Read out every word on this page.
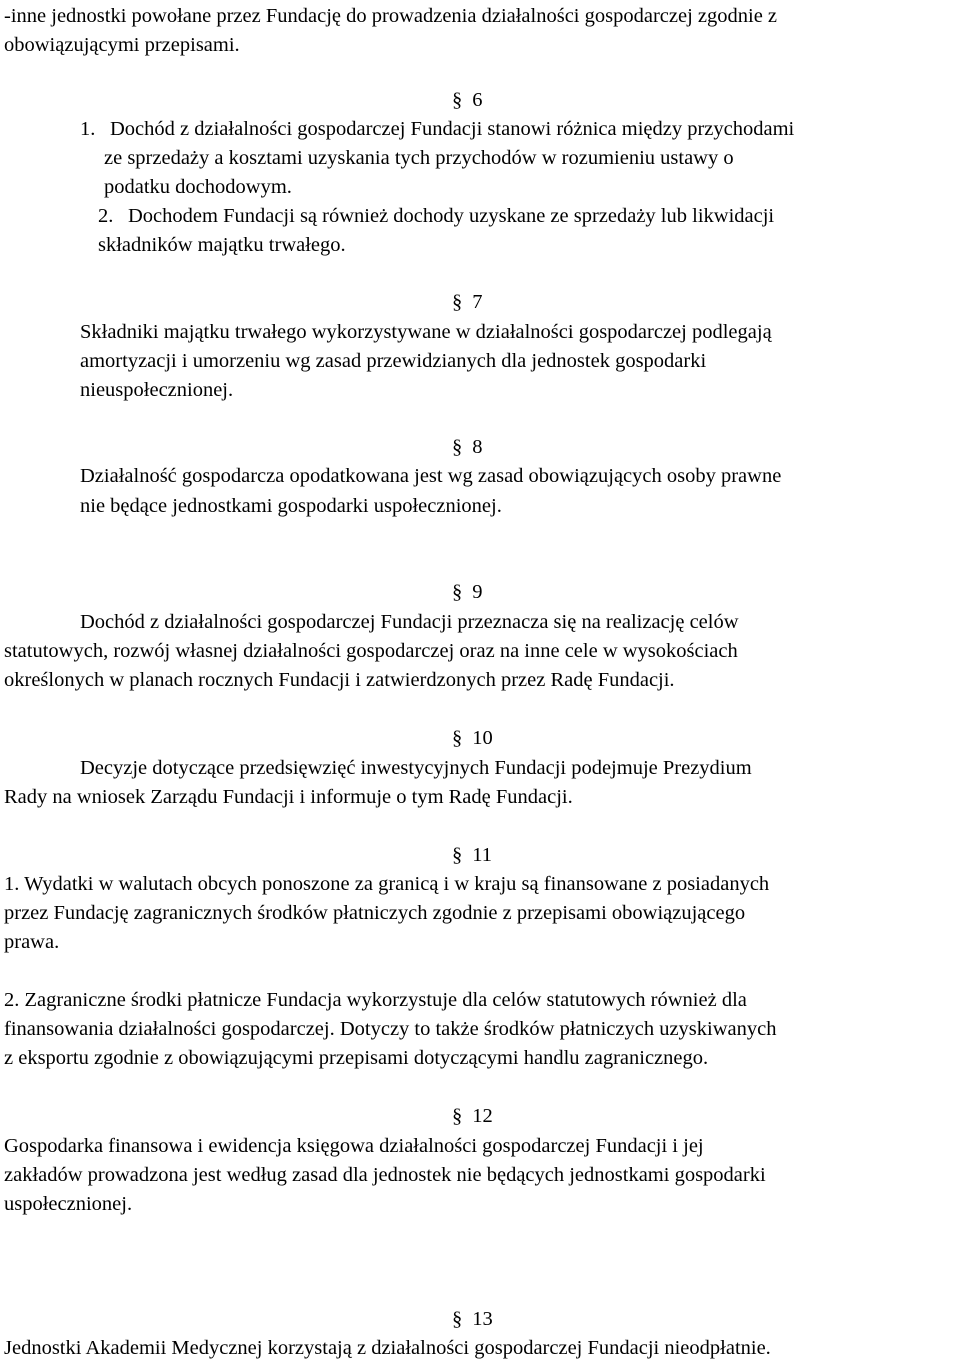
-inne jednostki powołane przez Fundację do prowadzenia działalności gospodarczej zgodnie z
obowiązującymi przepisami.
§ 6
1. Dochód z działalności gospodarczej Fundacji stanowi różnica między przychodami
ze sprzedaży a kosztami uzyskania tych przychodów w rozumieniu ustawy o
podatku dochodowym.
2. Dochodem Fundacji są również dochody uzyskane ze sprzedaży lub likwidacji
składników majątku trwałego.
§ 7
Składniki majątku trwałego wykorzystywane w działalności gospodarczej podlegają
amortyzacji i umorzeniu wg zasad przewidzianych dla jednostek gospodarki
nieuspołecznionej.
§ 8
Działalność gospodarcza opodatkowana jest wg zasad obowiązujących osoby prawne
nie będące jednostkami gospodarki uspołecznionej.
§ 9
Dochód z działalności gospodarczej Fundacji przeznacza się na realizację celów
statutowych, rozwój własnej działalności gospodarczej oraz na inne cele w wysokościach
określonych w planach rocznych Fundacji i zatwierdzonych przez Radę Fundacji.
§ 10
Decyzje dotyczące przedsięwzięć inwestycyjnych Fundacji podejmuje Prezydium
Rady na wniosek Zarządu Fundacji i informuje o tym Radę Fundacji.
§ 11
1. Wydatki w walutach obcych ponoszone za granicą i w kraju są finansowane z posiadanych
przez Fundację zagranicznych środków płatniczych zgodnie z przepisami obowiązującego
prawa.
2. Zagraniczne środki płatnicze Fundacja wykorzystuje dla celów statutowych również dla
finansowania działalności gospodarczej. Dotyczy to także środków płatniczych uzyskiwanych
z eksportu zgodnie z obowiązującymi przepisami dotyczącymi handlu zagranicznego.
§ 12
Gospodarka finansowa i ewidencja księgowa działalności gospodarczej Fundacji i jej
zakładów prowadzona jest według zasad dla jednostek nie będących jednostkami gospodarki
uspołecznionej.
§ 13
Jednostki Akademii Medycznej korzystają z działalności gospodarczej Fundacji nieodpłatnie.
